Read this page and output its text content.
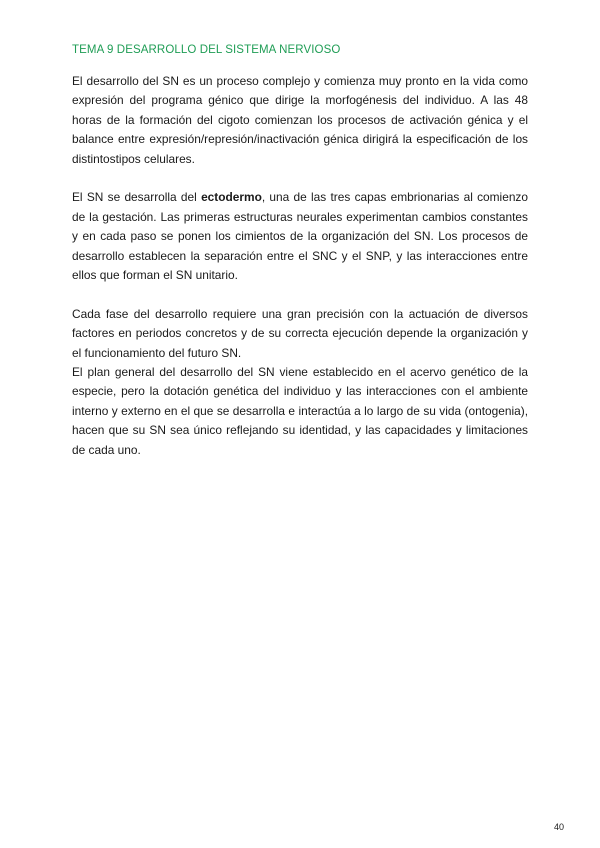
TEMA 9 DESARROLLO DEL SISTEMA NERVIOSO

El desarrollo del SN es un proceso complejo y comienza muy pronto en la vida como expresión del programa génico que dirige la morfogénesis del individuo. A las 48 horas de la formación del cigoto comienzan los procesos de activación génica y el balance entre expresión/represión/inactivación génica dirigirá la especificación de los distintostipos celulares.

El SN se desarrolla del ectodermo, una de las tres capas embrionarias al comienzo de la gestación. Las primeras estructuras neurales experimentan cambios constantes y en cada paso se ponen los cimientos de la organización del SN. Los procesos de desarrollo establecen la separación entre el SNC y el SNP, y las interacciones entre ellos que forman el SN unitario.

Cada fase del desarrollo requiere una gran precisión con la actuación de diversos factores en periodos concretos y de su correcta ejecución depende la organización y el funcionamiento del futuro SN.

El plan general del desarrollo del SN viene establecido en el acervo genético de la especie, pero la dotación genética del individuo y las interacciones con el ambiente interno y externo en el que se desarrolla e interactúa a lo largo de su vida (ontogenia), hacen que su SN sea único reflejando su identidad, y las capacidades y limitaciones de cada uno.

40
